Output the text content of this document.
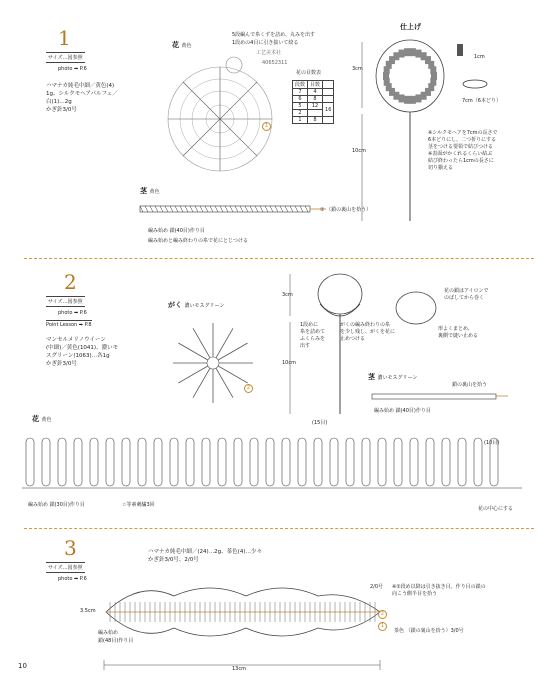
1
サイズ…図参照
photo ➡ P.6
ハマナカ純毛中細／黄色(4)
1g、シルクモヘアパルフェ／
白(1)…2g
かぎ針3/0号
花 黄色
5段編んで糸くずを詰め、丸みを出す
1段めの4目に引き抜いて絞る
工艺美术社
40652311
1
花の目数表
段数	目数	
7	4	
6	8	
5	12	16
2		
1	8	
茎 黄色
① （鎖の裏山を拾う）
編み始め 鎖(40目)作り目
編み始めと編み終わりの糸で花にとじつける
仕上げ
3cm
10cm
1cm
7cm（6本どり）
※シルクモヘアを7cmの長さで
6本どりにし、二つ折りにする
茎をつける要領で結びつける
※表面がかくれるくらい結ぶ
結び終わったら1cmの長さに
切り揃える
2
サイズ…図参照
photo ➡ P.6
Point Lesson ➡ P.8
マンセルメリノウイーン
(中細)／黄色(1041)、濃いモ
スグリーン(1063)…各1g
かぎ針3/0号
がく 濃いモスグリーン
2
3cm
10cm
1段めに
糸を詰めて
ふくらみを
出す
がくの編み終わりの糸
を少し残し、がくを花に
止めつける
花の鎖はアイロンで
のばしてから巻く
形よくまとめ、
裏側で縫い止める
茎 濃いモスグリーン
鎖の裏山を拾う
編み始め 鎖(40目)作り目
花 黄色	(15目)
(10目)
編み始め 鎖(30目)作り目	☆等素刺繍3回
花の中心にする
3
サイズ…図参照
photo ➡ P.6
ハマナカ純毛中細／(24)…2g、茶色(4)…少々
かぎ針3/0号、2/0号
2
1
2/0号 ※②段め以降は引き抜き目。作り目の鎖の
向こう側半目を拾う
茶色 （鎖の裏山を拾う）3/0号
編み始め
鎖(48目)作り目
3.5cm
13cm
10
